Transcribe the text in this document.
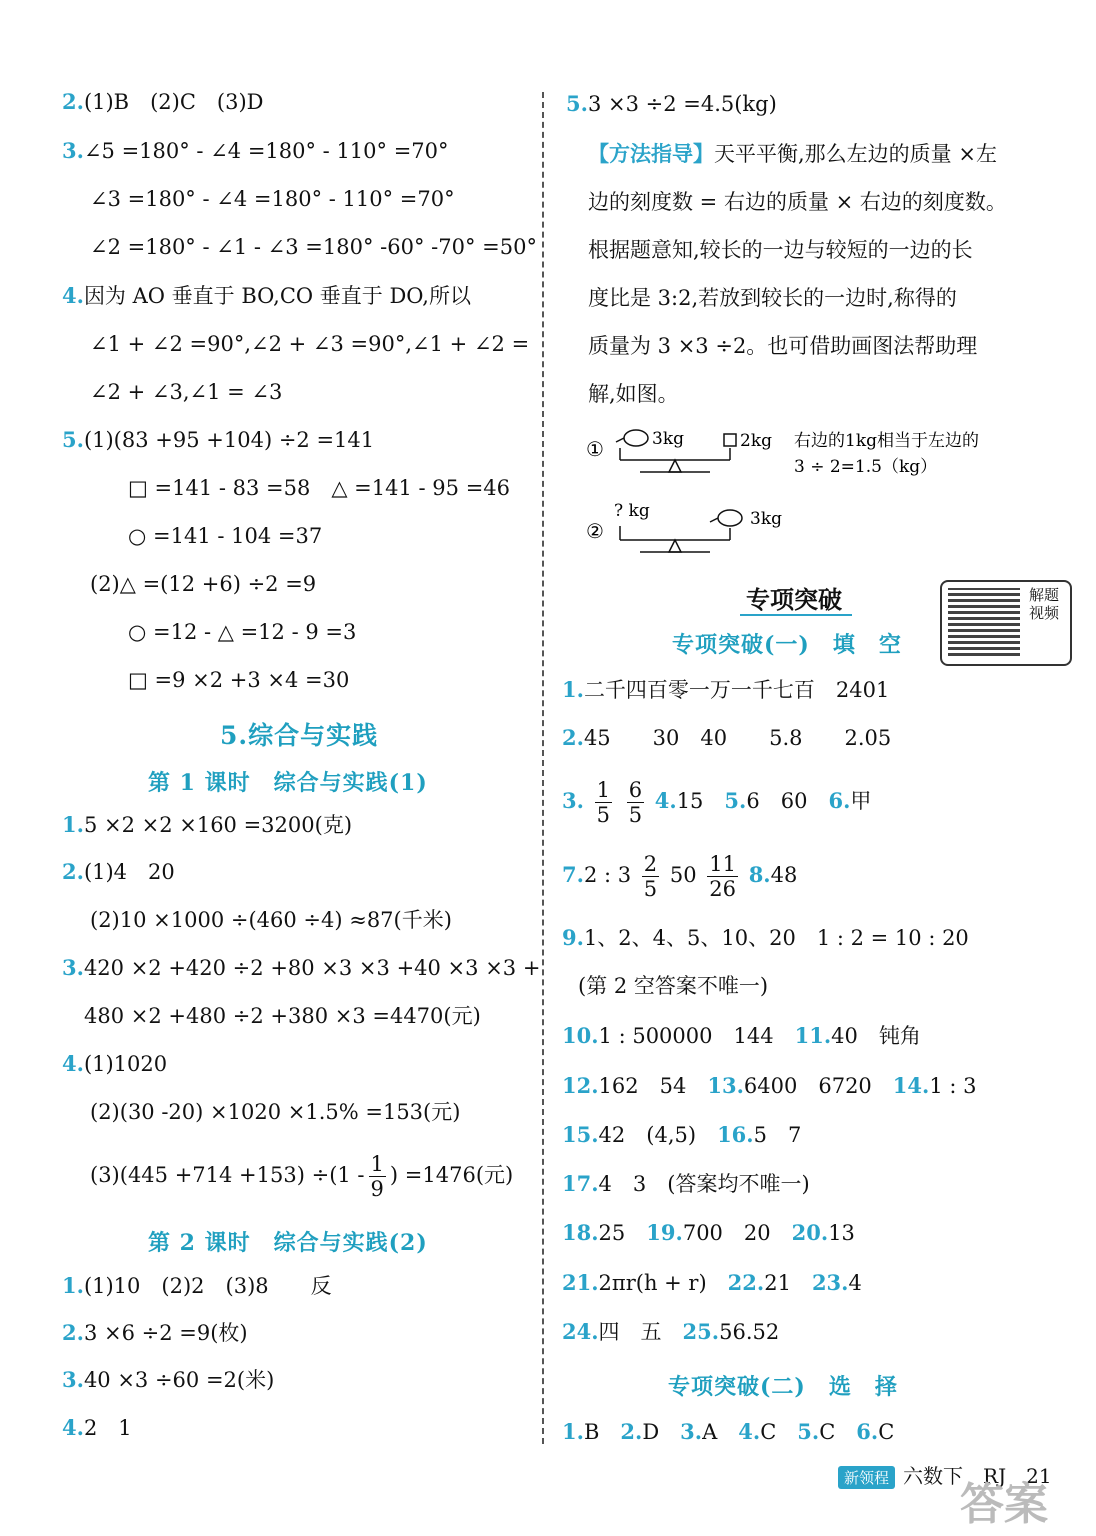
2.(1)B　(2)C　(3)D
3.∠5 =180° - ∠4 =180° - 110° =70°
∠3 =180° - ∠4 =180° - 110° =70°
∠2 =180° - ∠1 - ∠3 =180° -60° -70° =50°
4.因为 AO 垂直于 BO,CO 垂直于 DO,所以
∠1 + ∠2 =90°,∠2 + ∠3 =90°,∠1 + ∠2 =
∠2 + ∠3,∠1 = ∠3
5.(1)(83 +95 +104) ÷2 =141
□ =141 - 83 =58　△ =141 - 95 =46
○ =141 - 104 =37
(2)△ =(12 +6) ÷2 =9
○ =12 - △ =12 - 9 =3
□ =9 ×2 +3 ×4 =30
5.综合与实践
第 1 课时　综合与实践(1)
1.5 ×2 ×2 ×160 =3200(克)
2.(1)4　20
(2)10 ×1000 ÷(460 ÷4) ≈87(千米)
3.420 ×2 +420 ÷2 +80 ×3 ×3 +40 ×3 ×3 +
480 ×2 +480 ÷2 +380 ×3 =4470(元)
4.(1)1020
(2)(30 -20) ×1020 ×1.5% =153(元)
$(3)(445 +714 +153) \div(1 - \frac{1}{9}$ ) =1476(元)
第 2 课时　综合与实践(2)
1.(1)10　(2)2　(3)8　　反
2.3 ×6 ÷2 =9(枚)
3.40 ×3 ÷60 =2(米)
4.2　1
5.3 ×3 ÷2 =4.5(kg)
【方法指导】天平平衡,那么左边的质量 ×左
边的刻度数 = 右边的质量 × 右边的刻度数。
根据题意知,较长的一边与较短的一边的长
度比是 3:2,若放到较长的一边时,称得的
质量为 3 ×3 ÷2。也可借助画图法帮助理
解,如图。
①	3kg	2kg 右边的1kg相当于左边的
3 ÷ 2=1.5（kg）
②
? kg	3kg
专项突破	解题视频
专项突破(一)　填　空
1.二千四百零一万一千七百　2401
2.45　　30　40　　5.8　　2.05
3. $\frac{1}{5}$
$\frac{6}{5} 4.15$　 5.6　60　 6.甲
7.2 : $3 \frac{2}{5} 50 \frac{11}{26} 8.48$
9.1、2、4、5、10、20　1 : 2 = 10 : 20
(第 2 空答案不唯一)
10.1 : 500000　144　11.40　钝角
12.162　54　13.6400　6720　14.1 : 3
15.42　(4,5)　16.5　7
17.4　3　(答案均不唯一)
18.25　19.700　20　20.13
21.2πr(h + r)　22.21　23.4
24.四　五　25.56.52
专项突破(二)　选　择
1.B　2.D　3.A　4.C　5.C　6.C
新领程 六数下　RJ　21
答案
